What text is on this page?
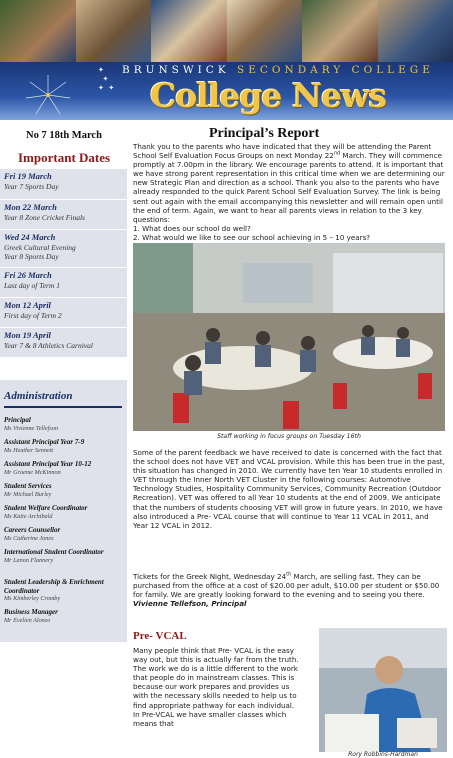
✦
✦
✦  ✦
BRUNSWICK SECONDARY COLLEGE
College News
No 7 18th March
Important Dates
Fri 19 March
Year 7 Sports Day
Mon 22 March
Year 8 Zone Cricket Finals
Wed 24 March
Greek Cultural Evening
Year 8 Sports Day
Fri 26 March
Last day of Term 1
Mon 12 April
First day of Term 2
Mon 19 April
Year 7 & 8 Athletics Carnival
Administration
Principal
Ms Vivienne Tellefson
Assistant Principal Year 7-9
Ms Heather Sennett
Assistant Principal Year 10-12
Mr Graeme McKinnon
Student Services
Mr Michael Burley
Student Welfare Coordinator
Ms Katie Archibald
Careers Counsellor
Ms Catherine Jones
International Student Coordinator
Mr Lanon Flannery
Student Leadership & Enrichment Coordinator
Ms Kimberley Cromby
Business Manager
Mr Evelien Alonzo
Principal’s Report
Thank you to the parents who have indicated that they will be attending the Parent School Self Evaluation Focus Groups on next Monday 22nd March. They will commence promptly at 7.00pm in the library. We encourage parents to attend. It is important that we have strong parent representation in this critical time when we are determining our new Strategic Plan and direction as a school. Thank you also to the parents who have already responded to the quick Parent School Self Evaluation Survey. The link is being sent out again with the email accompanying this newsletter and will remain open until the end of term. Again, we want to hear all parents views in relation to the 3 key questions:
1. What does our school do well?
2. What would we like to see our school achieving in 5 – 10 years?

Staff working in focus groups on Tuesday 16th
Some of the parent feedback we have received to date is concerned with the fact that the school does not have VET and VCAL provision. While this has been true in the past, this situation has changed in 2010. We currently have ten Year 10 students enrolled in VET through the Inner North VET Cluster in the following courses: Automotive Technology Studies, Hospitality Community Services, Community Recreation (Outdoor Recreation). VET was offered to all Year 10 students at the end of 2009. We anticipate that the numbers of students choosing VET will grow in future years. In 2010, we have also introduced a Pre- VCAL course that will continue to Year 11 VCAL in 2011, and Year 12 VCAL in 2012.
Tickets for the Greek Night, Wednesday 24th March, are selling fast. They can be purchased from the office at a cost of $20.00 per adult, $10.00 per student or $50.00 for family. We are greatly looking forward to the evening and to seeing you there.
Vivienne Tellefson, Principal
Pre- VCAL
Many people think that Pre- VCAL is the easy way out, but this is actually far from the truth. The work we do is a little different to the work that people do in mainstream classes. This is because our work prepares and provides us with the necessary skills needed to help us to find appropriate pathway for each individual. In Pre-VCAL we have smaller classes which means that
Rory Robbins-Hardman
